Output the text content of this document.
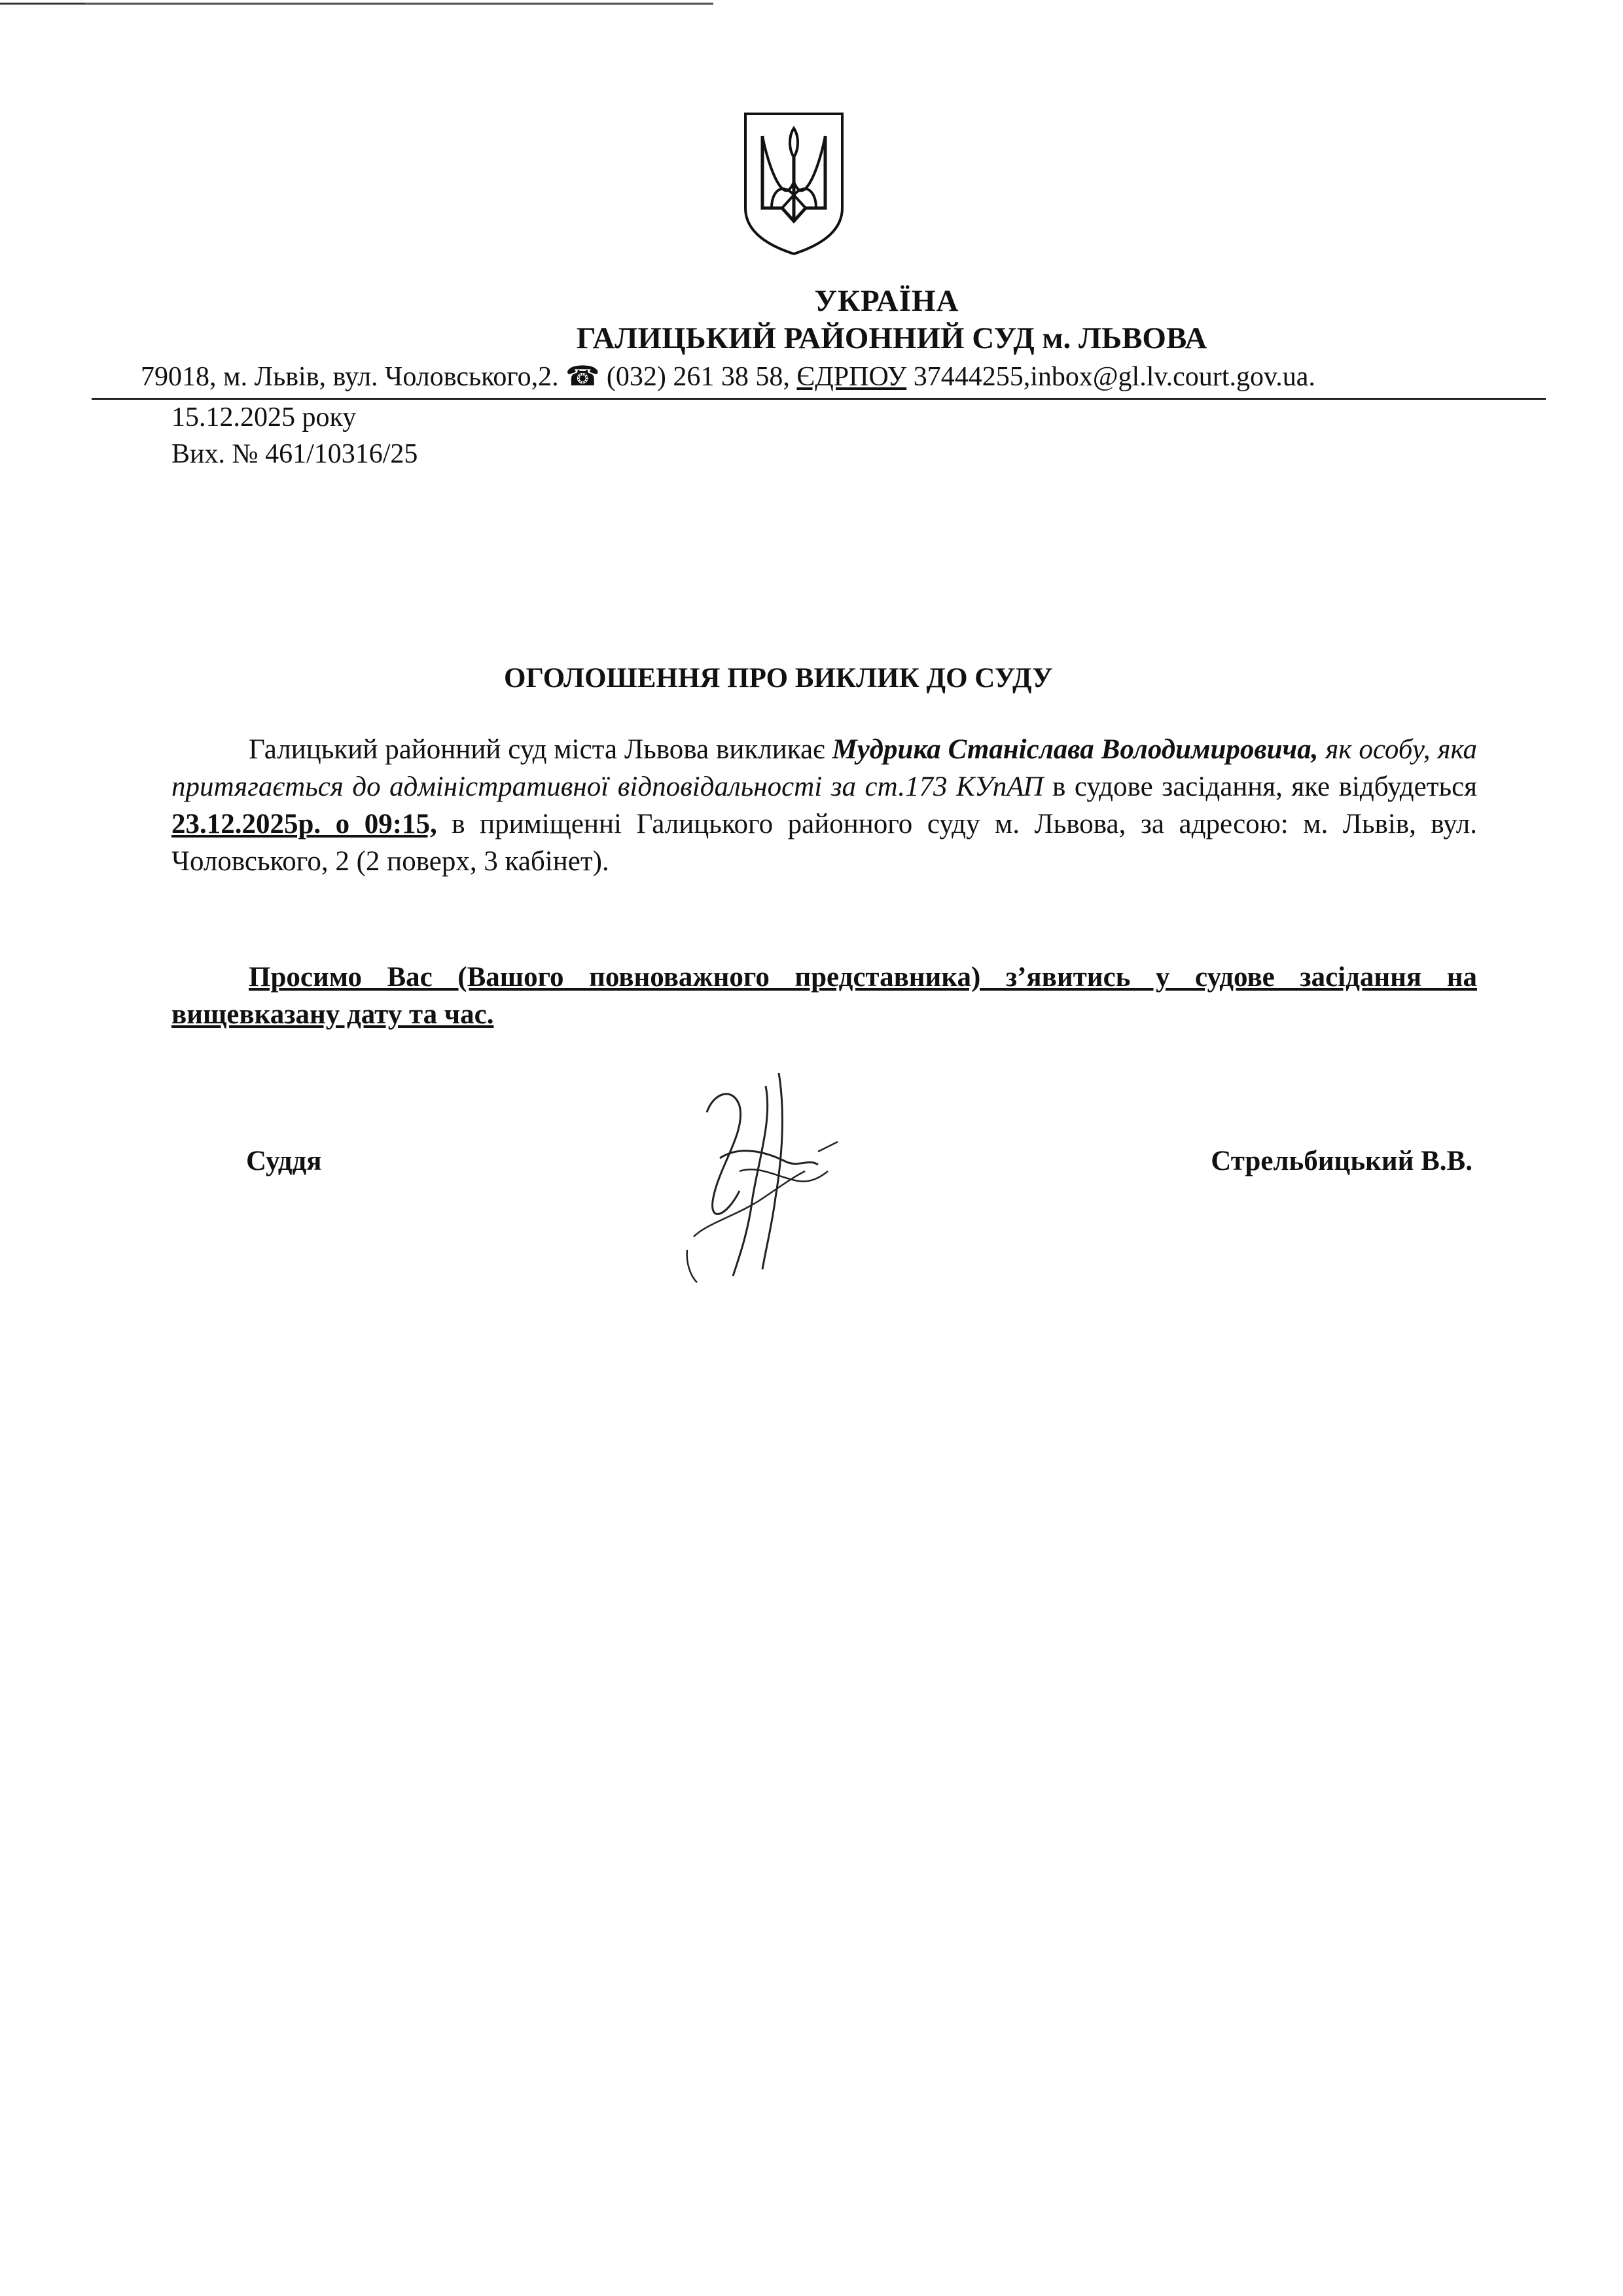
УКРАЇНА
ГАЛИЦЬКИЙ РАЙОННИЙ СУД м. ЛЬВОВА
79018, м. Львів, вул. Чоловського,2. ☎ (032) 261 38 58, ЄДРПОУ 37444255,inbox@gl.lv.court.gov.ua.
15.12.2025 року
Вих. № 461/10316/25
ОГОЛОШЕННЯ ПРО ВИКЛИК ДО СУДУ
Галицький районний суд міста Львова викликає Мудрика Станіслава Володимировича, як особу, яка притягається до адміністративної відповідальності за ст.173 КУпАП в судове засідання, яке відбудеться 23.12.2025р. о 09:15, в приміщенні Галицького районного суду м. Львова, за адресою: м. Львів, вул. Чоловського, 2 (2 поверх, 3 кабінет).
Просимо Вас (Вашого повноважного представника) з’явитись у судове засідання на вищевказану дату та час.
Суддя	Стрельбицький В.В.
